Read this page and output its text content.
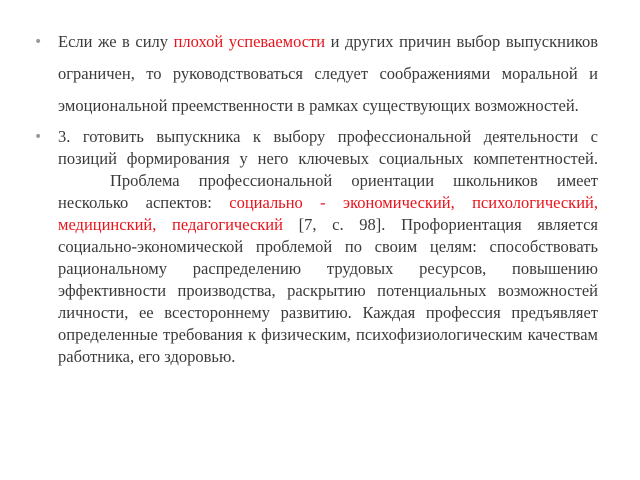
• Если же в силу плохой успеваемости и других причин выбор выпускников ограничен, то руководствоваться следует соображениями моральной и эмоциональной преемственности в рамках существующих возможностей.
• 3. готовить выпускника к выбору профессиональной деятельности с позиций формирования у него ключевых социальных компетентностей.Проблема профессиональной ориентации школьников имеет несколько аспектов: социально - экономический, психологический, медицинский, педагогический [7, с. 98]. Профориентация является социально-экономической проблемой по своим целям: способствовать рациональному распределению трудовых ресурсов, повышению эффективности производства, раскрытию потенциальных возможностей личности, ее всестороннему развитию. Каждая профессия предъявляет определенные требования к физическим, психофизиологическим качествам работника, его здоровью.
